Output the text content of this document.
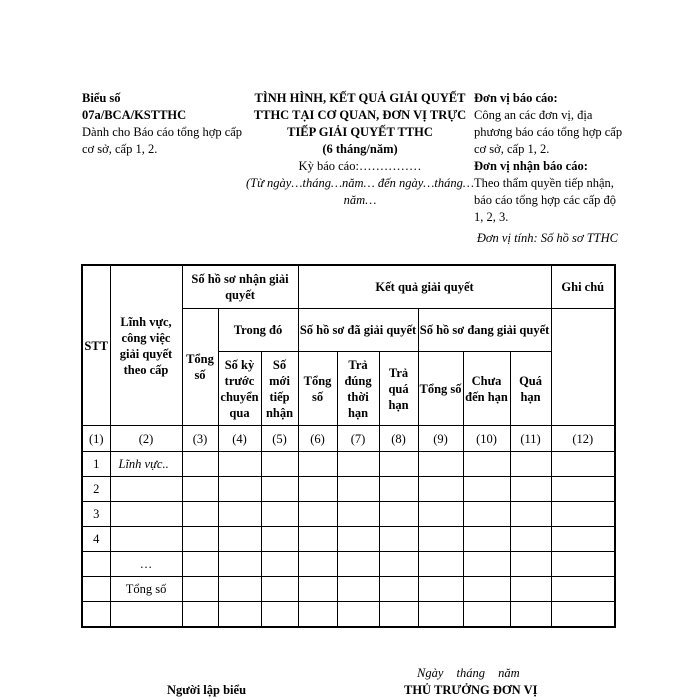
Biểu số
07a/BCA/KSTTHC
Dành cho Báo cáo tổng hợp cấp cơ sở, cấp 1, 2.
TÌNH HÌNH, KẾT QUẢ GIẢI QUYẾT TTHC TẠI CƠ QUAN, ĐƠN VỊ TRỰC TIẾP GIẢI QUYẾT TTHC
(6 tháng/năm)
Kỳ báo cáo:……………
(Từ ngày…tháng…năm… đến ngày…tháng…năm…
Đơn vị báo cáo:
Công an các đơn vị, địa phương báo cáo tổng hợp cấp cơ sở, cấp 1, 2.
Đơn vị nhận báo cáo:
Theo thẩm quyền tiếp nhận, báo cáo tổng hợp các cấp độ 1, 2, 3.
Đơn vị tính: Số hồ sơ TTHC
STT	Lĩnh vực, công việc giải quyết theo cấp	Số hồ sơ nhận giải quyết			Kết quả giải quyết						Ghi chú
		Tổng số	Trong đó		Số hồ sơ đã giải quyết			Số hồ sơ đang giải quyết			
			Số kỳ trước chuyển qua	Số mới tiếp nhận	Tổng số	Trả đúng thời hạn	Trả quá hạn	Tổng số	Chưa đến hạn	Quá hạn	
(1)	(2)	(3)	(4)	(5)	(6)	(7)	(8)	(9)	(10)	(11)	(12)
1	Lĩnh vực..										
2											
3											
4											
	…										
	Tổng số										

Ngày tháng năm
Người lập biểu	THỦ TRƯỞNG ĐƠN VỊ
